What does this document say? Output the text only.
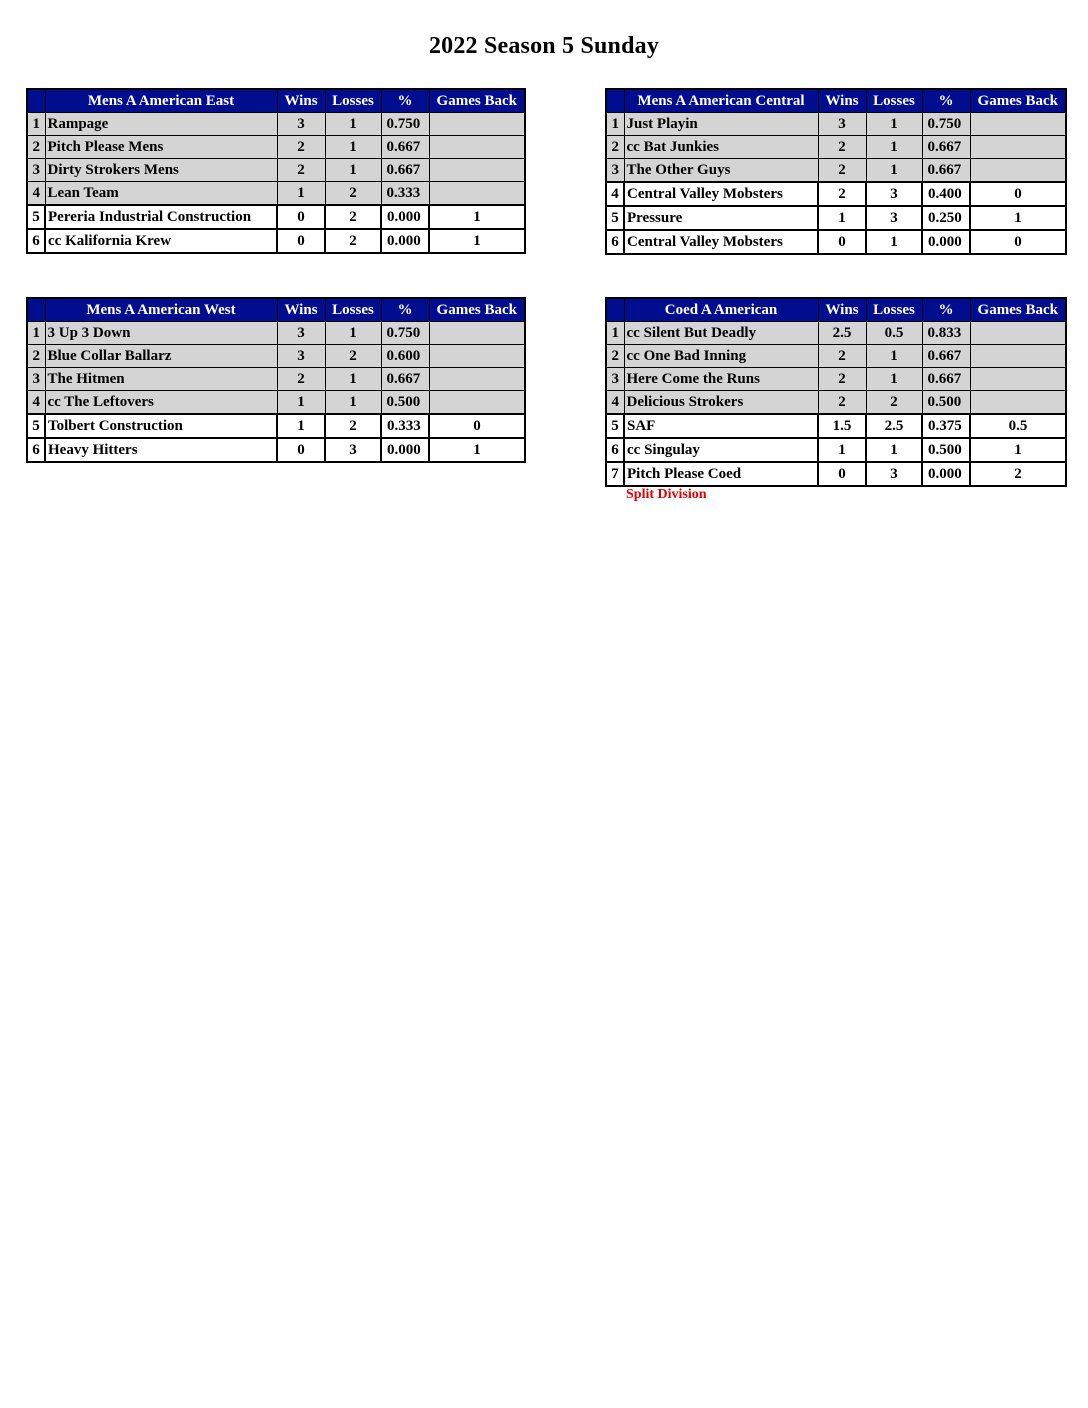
2022 Season 5 Sunday
	Mens A American East	Wins	Losses	%	Games Back
1	Rampage	3	1	0.750	
2	Pitch Please Mens	2	1	0.667	
3	Dirty Strokers Mens	2	1	0.667	
4	Lean Team	1	2	0.333	
5	Pereria Industrial Construction	0	2	0.000	1
6	cc Kalifornia Krew	0	2	0.000	1
	Mens A American Central	Wins	Losses	%	Games Back
1	Just Playin	3	1	0.750	
2	cc Bat Junkies	2	1	0.667	
3	The Other Guys	2	1	0.667	
4	Central Valley Mobsters	2	3	0.400	0
5	Pressure	1	3	0.250	1
6	Central Valley Mobsters	0	1	0.000	0
	Mens A American West	Wins	Losses	%	Games Back
1	3 Up 3 Down	3	1	0.750	
2	Blue Collar Ballarz	3	2	0.600	
3	The Hitmen	2	1	0.667	
4	cc The Leftovers	1	1	0.500	
5	Tolbert Construction	1	2	0.333	0
6	Heavy Hitters	0	3	0.000	1
	Coed A American	Wins	Losses	%	Games Back
1	cc Silent But Deadly	2.5	0.5	0.833	
2	cc One Bad Inning	2	1	0.667	
3	Here Come the Runs	2	1	0.667	
4	Delicious Strokers	2	2	0.500	
5	SAF	1.5	2.5	0.375	0.5
6	cc Singulay	1	1	0.500	1
7	Pitch Please Coed	0	3	0.000	2
Split Division
